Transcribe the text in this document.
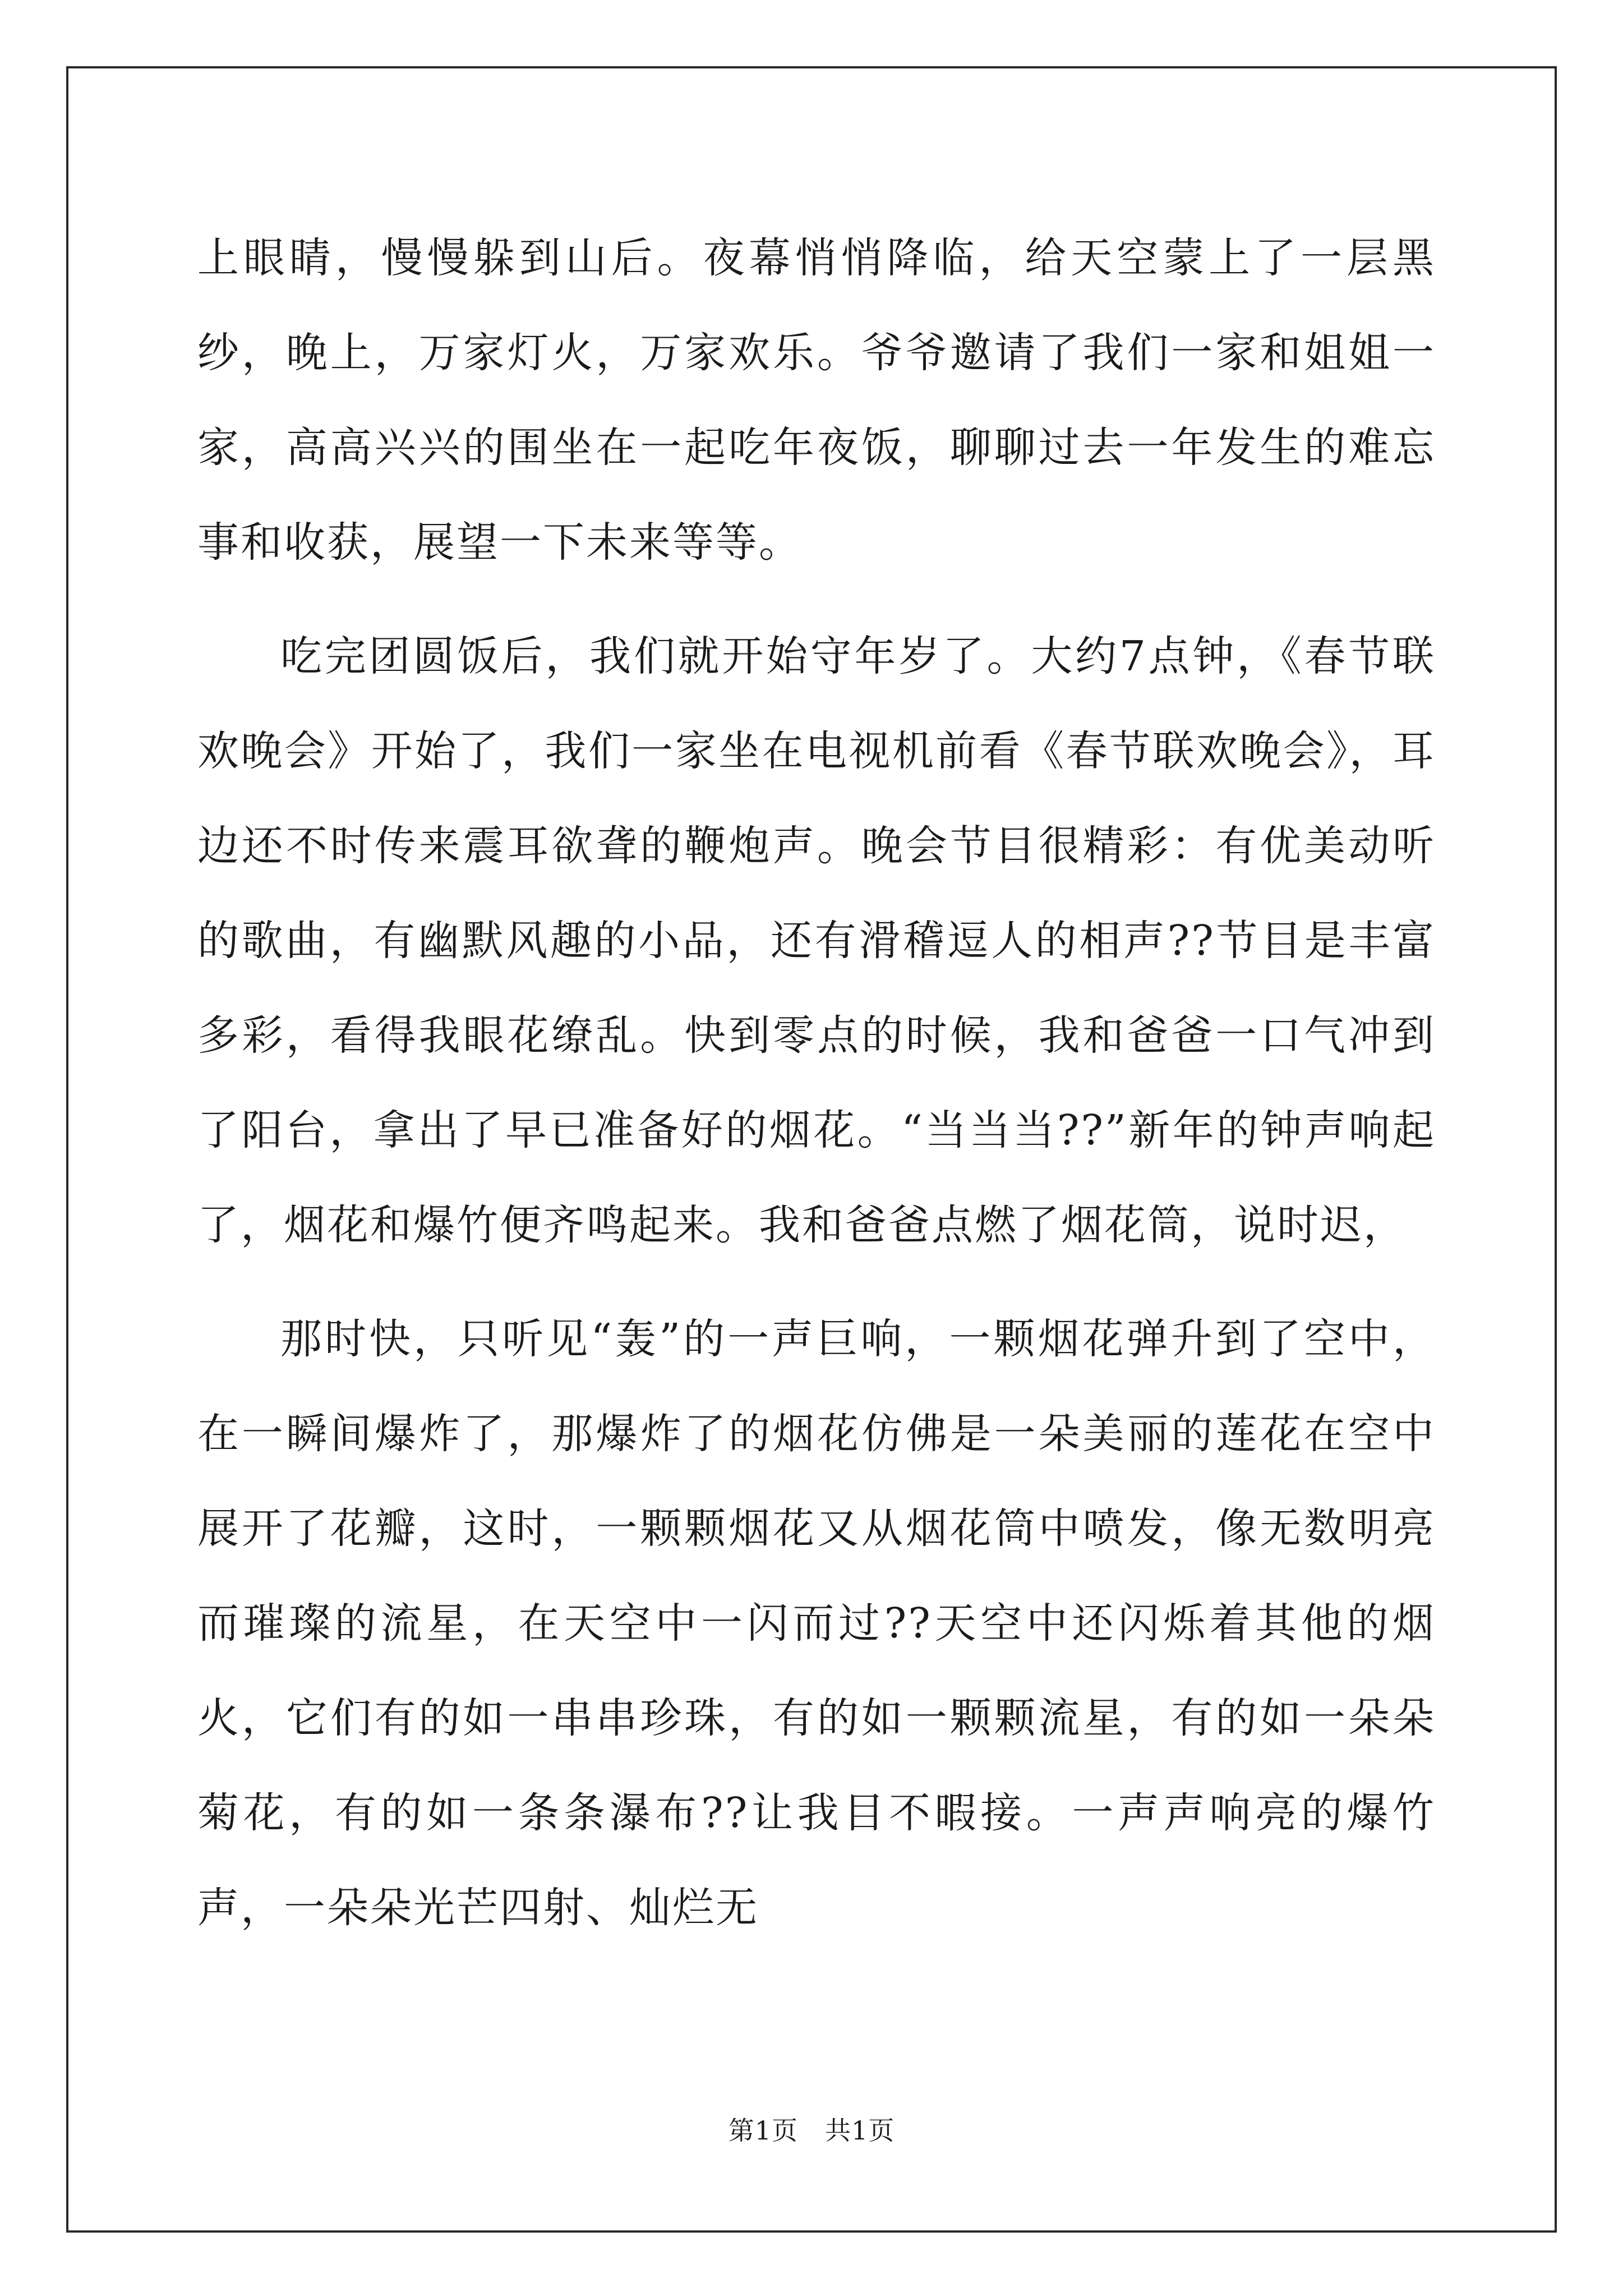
上眼睛，慢慢躲到山后。夜幕悄悄降临，给天空蒙上了一层黑纱，晚上，万家灯火，万家欢乐。爷爷邀请了我们一家和姐姐一家，高高兴兴的围坐在一起吃年夜饭，聊聊过去一年发生的难忘事和收获，展望一下未来等等。

吃完团圆饭后，我们就开始守年岁了。大约7点钟，《春节联欢晚会》开始了，我们一家坐在电视机前看《春节联欢晚会》，耳边还不时传来震耳欲聋的鞭炮声。晚会节目很精彩：有优美动听的歌曲，有幽默风趣的小品，还有滑稽逗人的相声??节目是丰富多彩，看得我眼花缭乱。快到零点的时候，我和爸爸一口气冲到了阳台，拿出了早已准备好的烟花。“当当当??”新年的钟声响起了，烟花和爆竹便齐鸣起来。我和爸爸点燃了烟花筒，说时迟，

那时快，只听见“轰”的一声巨响，一颗烟花弹升到了空中，在一瞬间爆炸了，那爆炸了的烟花仿佛是一朵美丽的莲花在空中展开了花瓣，这时，一颗颗烟花又从烟花筒中喷发，像无数明亮而璀璨的流星，在天空中一闪而过??天空中还闪烁着其他的烟火，它们有的如一串串珍珠，有的如一颗颗流星，有的如一朵朵菊花，有的如一条条瀑布??让我目不暇接。一声声响亮的爆竹声，一朵朵光芒四射、灿烂无

第1页 共1页
